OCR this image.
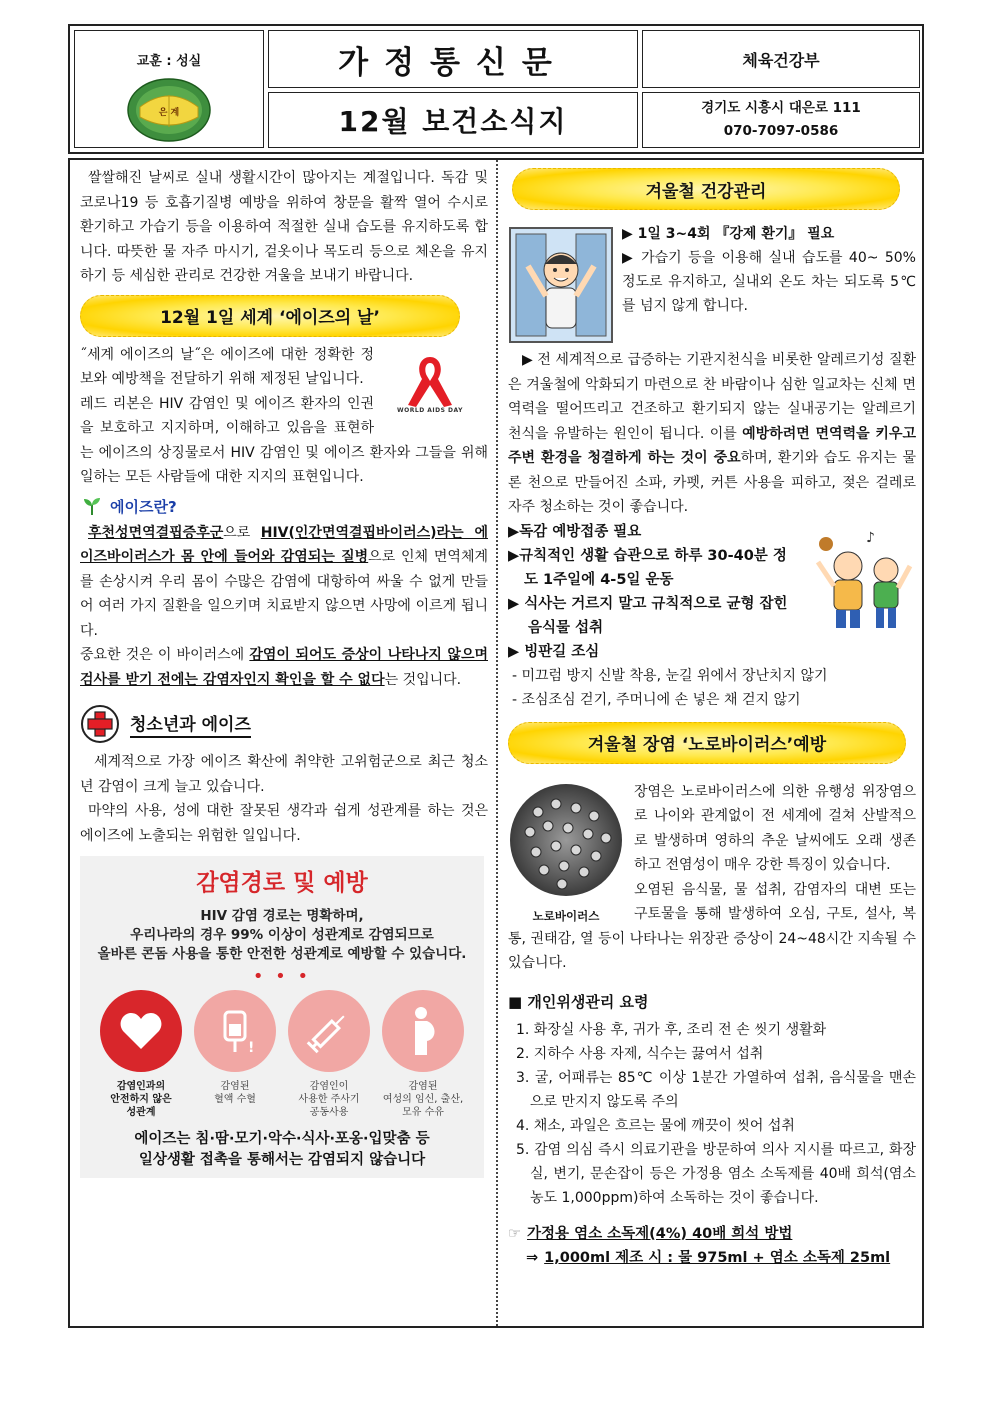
교훈 : 성실
은 계
가정통신문
12월 보건소식지
체육건강부
경기도 시흥시 대은로 111
070-7097-0586

쌀쌀해진 날씨로 실내 생활시간이 많아지는 계절입니다. 독감 및 코로나19 등 호흡기질병 예방을 위하여 창문을 활짝 열어 수시로 환기하고 가습기 등을 이용하여 적절한 실내 습도를 유지하도록 합니다. 따뜻한 물 자주 마시기, 겉옷이나 목도리 등으로 체온을 유지하기 등 세심한 관리로 건강한 겨울을 보내기 바랍니다.

12월 1일 세계 ‘에이즈의 날’
WORLD AIDS DAY

˝세계 에이즈의 날˝은 에이즈에 대한 정확한 정보와 예방책을 전달하기 위해 제정된 날입니다.

레드 리본은 HIV 감염인 및 에이즈 환자의 인권을 보호하고 지지하며, 이해하고 있음을 표현하는 에이즈의 상징물로서 HIV 감염인 및 에이즈 환자와 그들을 위해 일하는 모든 사람들에 대한 지지의 표현입니다.

에이즈란?

후천성면역결핍증후군으로 HIV(인간면역결핍바이러스)라는 에이즈바이러스가 몸 안에 들어와 감염되는 질병으로 인체 면역체계를 손상시켜 우리 몸이 수많은 감염에 대항하여 싸울 수 없게 만들어 여러 가지 질환을 일으키며 치료받지 않으면 사망에 이르게 됩니다.

중요한 것은 이 바이러스에 감염이 되어도 증상이 나타나지 않으며 검사를 받기 전에는 감염자인지 확인을 할 수 없다는 것입니다.

청소년과 에이즈

세계적으로 가장 에이즈 확산에 취약한 고위험군으로 최근 청소년 감염이 크게 늘고 있습니다.

마약의 사용, 성에 대한 잘못된 생각과 쉽게 성관계를 하는 것은 에이즈에 노출되는 위험한 일입니다.

감염경로 및 예방
HIV 감염 경로는 명확하며,
우리나라의 경우 99% 이상이 성관계로 감염되므로
올바른 콘돔 사용을 통한 안전한 성관계로 예방할 수 있습니다.
• • •
감염인과의
안전하지 않은
성관계
!
감염된
혈액 수혈
감염인이
사용한 주사기
공동사용
감염된
여성의 임신, 출산,
모유 수유
에이즈는 침·땀·모기·악수·식사·포옹·입맞춤 등
일상생활 접촉을 통해서는 감염되지 않습니다
겨울철 건강관리
▶ 1일 3~4회 『강제 환기』 필요
▶ 가습기 등을 이용해 실내 습도를 40~ 50% 정도로 유지하고, 실내외 온도 차는 되도록 5℃를 넘지 않게 합니다.

▶ 전 세계적으로 급증하는 기관지천식을 비롯한 알레르기성 질환은 겨울철에 악화되기 마련으로 찬 바람이나 심한 일교차는 신체 면역력을 떨어뜨리고 건조하고 환기되지 않는 실내공기는 알레르기 천식을 유발하는 원인이 됩니다. 이를 예방하려면 면역력을 키우고 주변 환경을 청결하게 하는 것이 중요하며, 환기와 습도 유지는 물론 천으로 만들어진 소파, 카펫, 커튼 사용을 피하고, 젖은 걸레로 자주 청소하는 것이 좋습니다.

♪
▶독감 예방접종 필요
▶규칙적인 생활 습관으로 하루 30-40분 정도 1주일에 4-5일 운동
▶ 식사는 거르지 말고 규칙적으로 균형 잡힌 음식물 섭취
▶ 빙판길 조심
- 미끄럼 방지 신발 착용, 눈길 위에서 장난치지 않기
- 조심조심 걷기, 주머니에 손 넣은 채 걷지 않기
겨울철 장염 ‘노로바이러스’예방
노로바이러스

장염은 노로바이러스에 의한 유행성 위장염으로 나이와 관계없이 전 세계에 걸쳐 산발적으로 발생하며 영하의 추운 날씨에도 오래 생존하고 전염성이 매우 강한 특징이 있습니다.

오염된 음식물, 물 섭취, 감염자의 대변 또는 구토물을 통해 발생하여 오심, 구토, 설사, 복통, 권태감, 열 등이 나타나는 위장관 증상이 24~48시간 지속될 수 있습니다.

■ 개인위생관리 요령
1. 화장실 사용 후, 귀가 후, 조리 전 손 씻기 생활화
2. 지하수 사용 자제, 식수는 끓여서 섭취
3. 굴, 어패류는 85℃ 이상 1분간 가열하여 섭취, 음식물을 맨손으로 만지지 않도록 주의
4. 채소, 과일은 흐르는 물에 깨끗이 씻어 섭취
5. 감염 의심 즉시 의료기관을 방문하여 의사 지시를 따르고, 화장실, 변기, 문손잡이 등은 가정용 염소 소독제를 40배 희석(염소농도 1,000ppm)하여 소독하는 것이 좋습니다.
☞ 가정용 염소 소독제(4%) 40배 희석 방법
⇒ 1,000ml 제조 시 : 물 975ml + 염소 소독제 25ml
